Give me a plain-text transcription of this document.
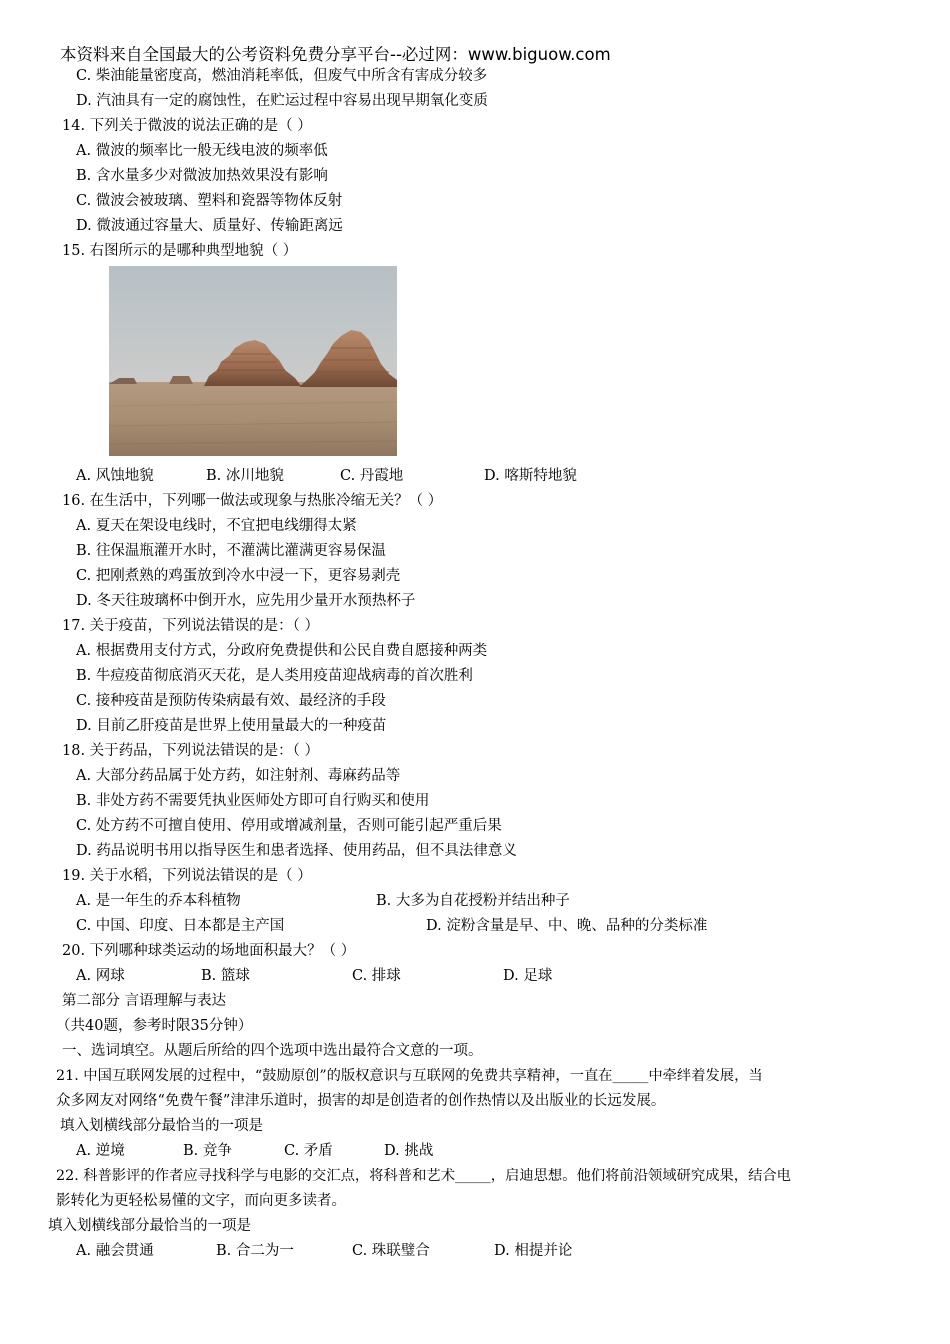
本资料来自全国最大的公考资料免费分享平台--必过网：www.biguow.com
C. 柴油能量密度高，燃油消耗率低，但废气中所含有害成分较多
D. 汽油具有一定的腐蚀性，在贮运过程中容易出现早期氧化变质
14. 下列关于微波的说法正确的是（ ）
A. 微波的频率比一般无线电波的频率低
B. 含水量多少对微波加热效果没有影响
C. 微波会被玻璃、塑料和瓷器等物体反射
D. 微波通过容量大、质量好、传输距离远
15. 右图所示的是哪种典型地貌（ ）
A. 风蚀地貌	B. 冰川地貌	C. 丹霞地	D. 喀斯特地貌
16. 在生活中，下列哪一做法或现象与热胀冷缩无关？（ ）
A. 夏天在架设电线时，不宜把电线绷得太紧
B. 往保温瓶灌开水时，不灌满比灌满更容易保温
C. 把刚煮熟的鸡蛋放到冷水中浸一下，更容易剥壳
D. 冬天往玻璃杯中倒开水，应先用少量开水预热杯子
17. 关于疫苗，下列说法错误的是：（ ）
A. 根据费用支付方式，分政府免费提供和公民自费自愿接种两类
B. 牛痘疫苗彻底消灭天花，是人类用疫苗迎战病毒的首次胜利
C. 接种疫苗是预防传染病最有效、最经济的手段
D. 目前乙肝疫苗是世界上使用量最大的一种疫苗
18. 关于药品，下列说法错误的是：（ ）
A. 大部分药品属于处方药，如注射剂、毒麻药品等
B. 非处方药不需要凭执业医师处方即可自行购买和使用
C. 处方药不可擅自使用、停用或增减剂量，否则可能引起严重后果
D. 药品说明书用以指导医生和患者选择、使用药品，但不具法律意义
19. 关于水稻，下列说法错误的是（ ）
A. 是一年生的乔本科植物	B. 大多为自花授粉并结出种子
C. 中国、印度、日本都是主产国	D. 淀粉含量是早、中、晚、品种的分类标准
20. 下列哪种球类运动的场地面积最大？（ ）
A. 网球	B. 篮球	C. 排球	D. 足球
第二部分 言语理解与表达
（共40题，参考时限35分钟）
一、选词填空。从题后所给的四个选项中选出最符合文意的一项。
21. 中国互联网发展的过程中，“鼓励原创”的版权意识与互联网的免费共享精神，一直在_____中牵绊着发展，当
众多网友对网络“免费午餐”津津乐道时，损害的却是创造者的创作热情以及出版业的长远发展。
填入划横线部分最恰当的一项是
A. 逆境	B. 竞争	C. 矛盾	D. 挑战
22. 科普影评的作者应寻找科学与电影的交汇点，将科普和艺术_____，启迪思想。他们将前沿领域研究成果，结合电
影转化为更轻松易懂的文字，而向更多读者。
填入划横线部分最恰当的一项是
A. 融会贯通	B. 合二为一	C. 珠联璧合	D. 相提并论
